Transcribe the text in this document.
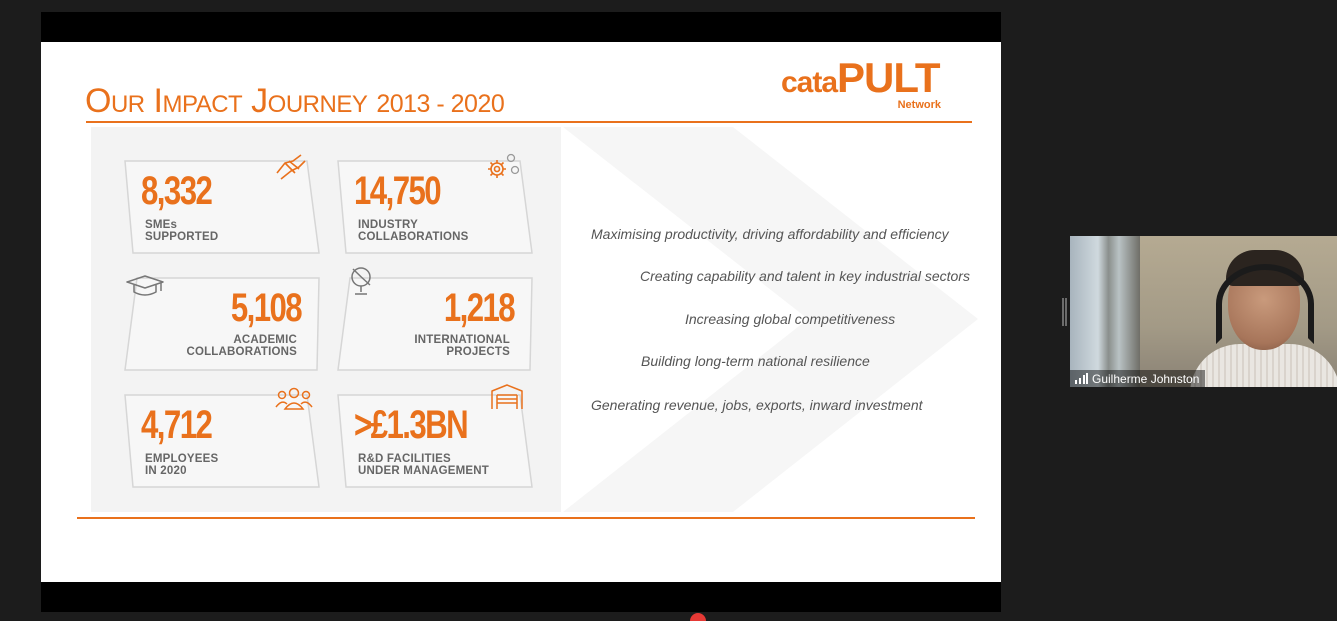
Our Impact Journey 2013 - 2020
cataPULT
Network
8,332
SMEs
SUPPORTED
14,750
INDUSTRY
COLLABORATIONS
5,108
ACADEMIC
COLLABORATIONS
1,218
INTERNATIONAL
PROJECTS
4,712
EMPLOYEES
IN 2020
>£1.3BN
R&D FACILITIES
UNDER MANAGEMENT
Maximising productivity, driving affordability and efficiency
Creating capability and talent in key industrial sectors
Increasing global competitiveness
Building long-term national resilience
Generating revenue, jobs, exports, inward investment
Guilherme Johnston
